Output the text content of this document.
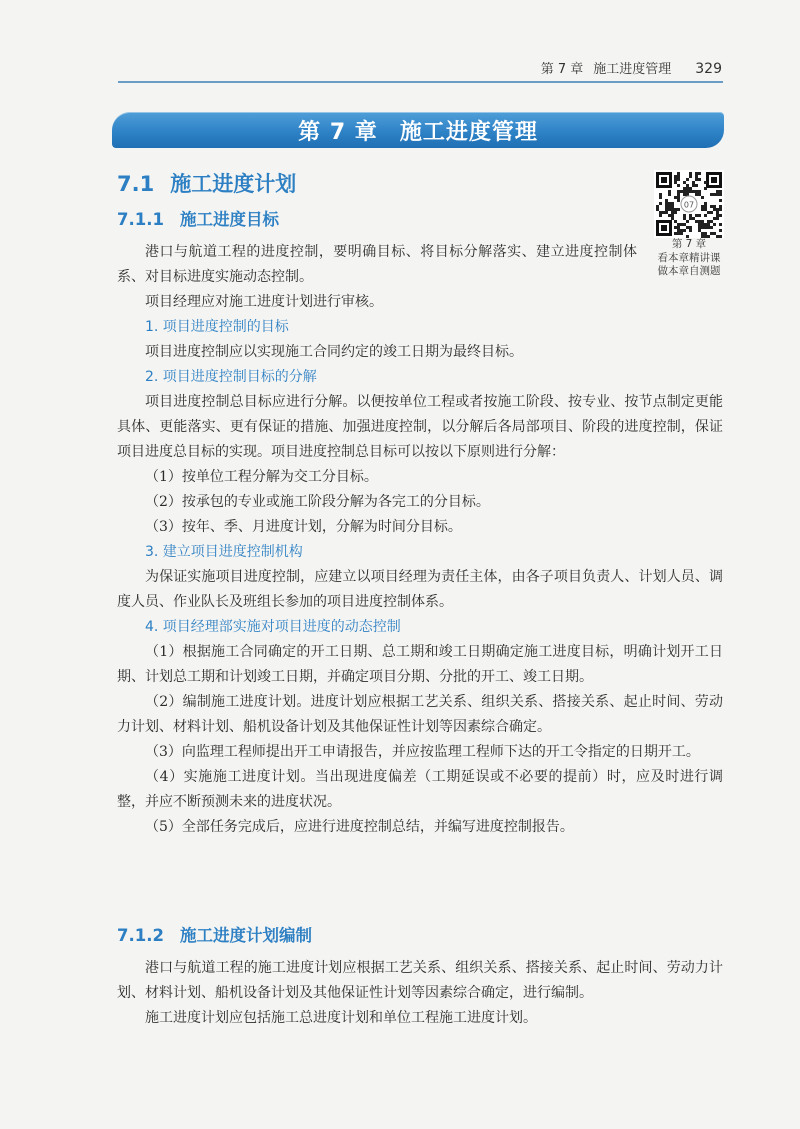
第 7 章 施工进度管理 329
第 7 章 施工进度管理
7.1 施工进度计划
07
第 7 章
看本章精讲课
做本章自测题
7.1.1 施工进度目标

港口与航道工程的进度控制，要明确目标、将目标分解落实、建立进度控制体系、对目标进度实施动态控制。

项目经理应对施工进度计划进行审核。

1. 项目进度控制的目标

项目进度控制应以实现施工合同约定的竣工日期为最终目标。

2. 项目进度控制目标的分解

项目进度控制总目标应进行分解。以便按单位工程或者按施工阶段、按专业、按节点制定更能具体、更能落实、更有保证的措施、加强进度控制，以分解后各局部项目、阶段的进度控制，保证项目进度总目标的实现。项目进度控制总目标可以按以下原则进行分解：

（1）按单位工程分解为交工分目标。

（2）按承包的专业或施工阶段分解为各完工的分目标。

（3）按年、季、月进度计划，分解为时间分目标。

3. 建立项目进度控制机构

为保证实施项目进度控制，应建立以项目经理为责任主体，由各子项目负责人、计划人员、调度人员、作业队长及班组长参加的项目进度控制体系。

4. 项目经理部实施对项目进度的动态控制

（1）根据施工合同确定的开工日期、总工期和竣工日期确定施工进度目标，明确计划开工日期、计划总工期和计划竣工日期，并确定项目分期、分批的开工、竣工日期。

（2）编制施工进度计划。进度计划应根据工艺关系、组织关系、搭接关系、起止时间、劳动力计划、材料计划、船机设备计划及其他保证性计划等因素综合确定。

（3）向监理工程师提出开工申请报告，并应按监理工程师下达的开工令指定的日期开工。

（4）实施施工进度计划。当出现进度偏差（工期延误或不必要的提前）时，应及时进行调整，并应不断预测未来的进度状况。

（5）全部任务完成后，应进行进度控制总结，并编写进度控制报告。

7.1.2 施工进度计划编制

港口与航道工程的施工进度计划应根据工艺关系、组织关系、搭接关系、起止时间、劳动力计划、材料计划、船机设备计划及其他保证性计划等因素综合确定，进行编制。

施工进度计划应包括施工总进度计划和单位工程施工进度计划。
